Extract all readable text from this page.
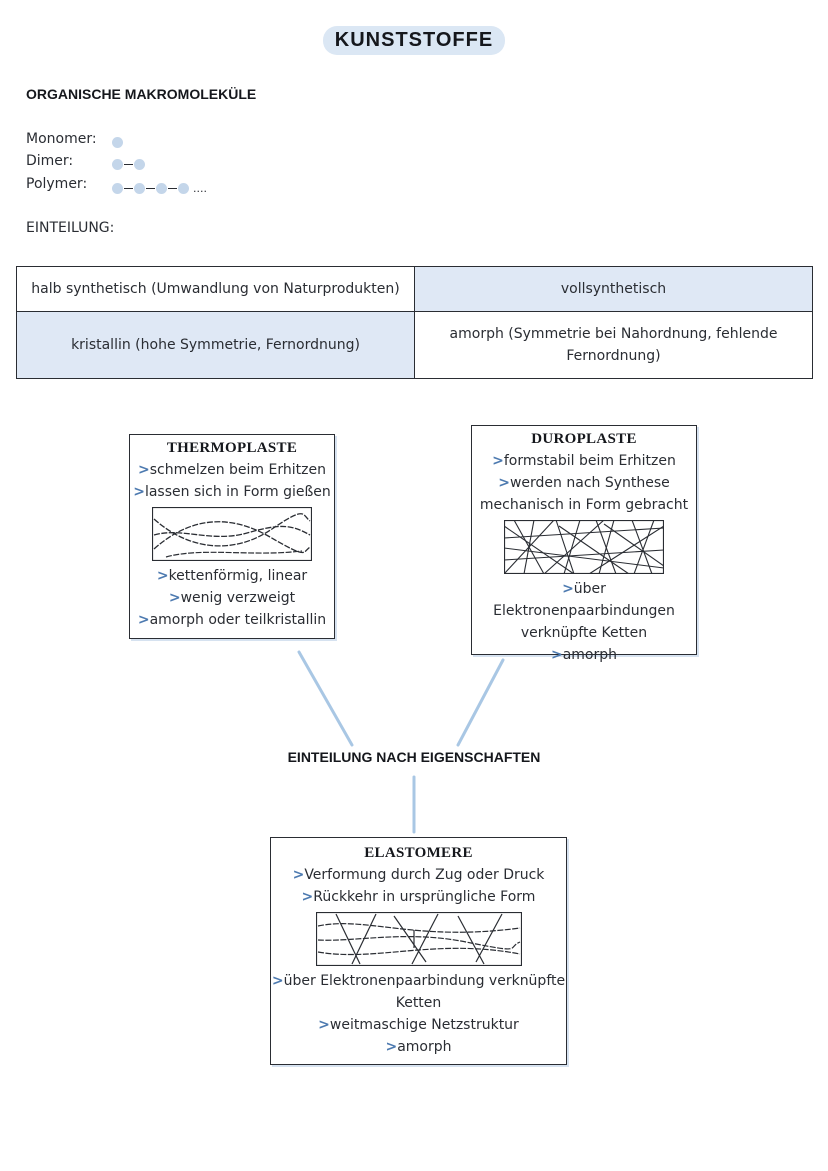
KUNSTSTOFFE
ORGANISCHE MAKROMOLEKÜLE
Monomer:
Dimer:
Polymer:	....
EINTEILUNG:
halb synthetisch (Umwandlung von Naturprodukten)	vollsynthetisch
kristallin (hohe Symmetrie, Fernordnung)	amorph (Symmetrie bei Nahordnung, fehlende Fernordnung)
THERMOPLASTE
>schmelzen beim Erhitzen
>lassen sich in Form gießen
>kettenförmig, linear
>wenig verzweigt
>amorph oder teilkristallin
DUROPLASTE
>formstabil beim Erhitzen
>werden nach Synthese mechanisch in Form gebracht
>über Elektronenpaarbindungen verknüpfte Ketten
>amorph
EINTEILUNG NACH EIGENSCHAFTEN
ELASTOMERE
>Verformung durch Zug oder Druck
>Rückkehr in ursprüngliche Form
>über Elektronenpaarbindung verknüpfte Ketten
>weitmaschige Netzstruktur
>amorph
